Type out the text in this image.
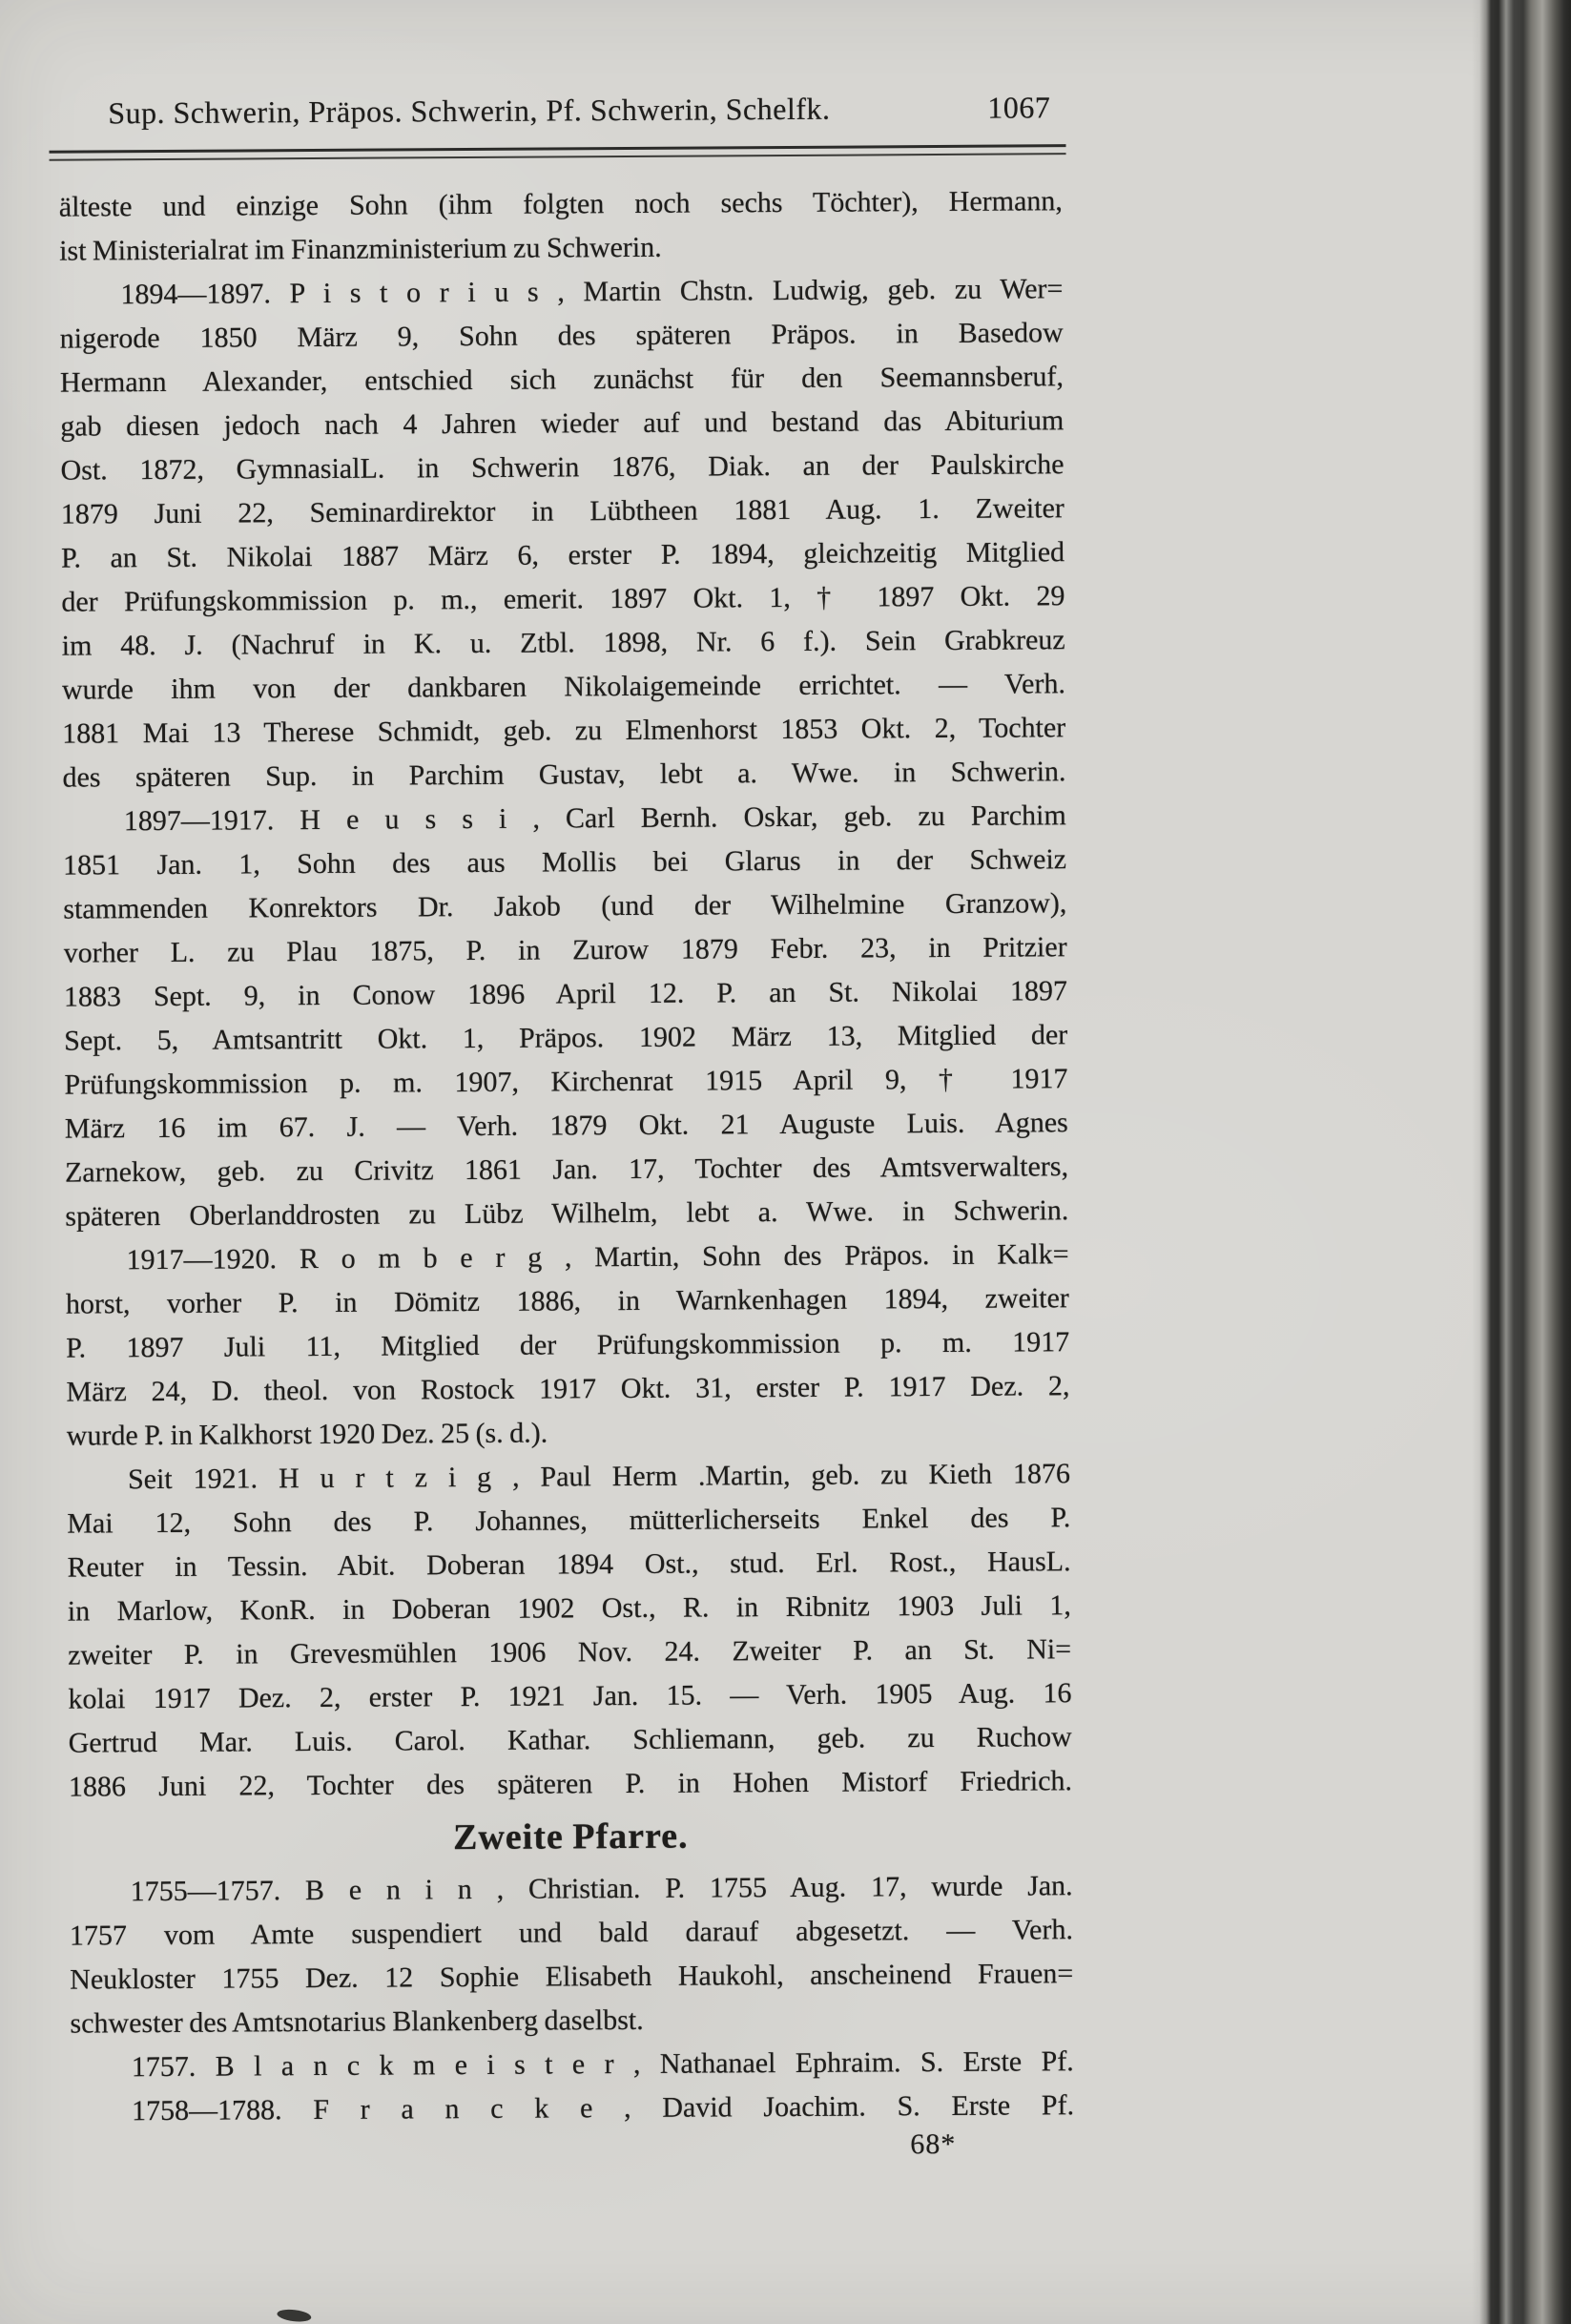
Sup. Schwerin, Präpos. Schwerin, Pf. Schwerin, Schelfk.	1067
älteste und einzige Sohn (ihm folgten noch sechs Töchter), Hermann,
ist Ministerialrat im Finanzministerium zu Schwerin.
1894—1897. P i s t o r i u s , Martin Chstn. Ludwig, geb. zu Wer=
nigerode 1850 März 9, Sohn des späteren Präpos. in Basedow
Hermann Alexander, entschied sich zunächst für den Seemannsberuf,
gab diesen jedoch nach 4 Jahren wieder auf und bestand das Abiturium
Ost. 1872, GymnasialL. in Schwerin 1876, Diak. an der Paulskirche
1879 Juni 22, Seminardirektor in Lübtheen 1881 Aug. 1. Zweiter
P. an St. Nikolai 1887 März 6, erster P. 1894, gleichzeitig Mitglied
der Prüfungskommission p. m., emerit. 1897 Okt. 1, † 1897 Okt. 29
im 48. J. (Nachruf in K. u. Ztbl. 1898, Nr. 6 f.). Sein Grabkreuz
wurde ihm von der dankbaren Nikolaigemeinde errichtet. — Verh.
1881 Mai 13 Therese Schmidt, geb. zu Elmenhorst 1853 Okt. 2, Tochter
des späteren Sup. in Parchim Gustav, lebt a. Wwe. in Schwerin.
1897—1917. H e u s s i , Carl Bernh. Oskar, geb. zu Parchim
1851 Jan. 1, Sohn des aus Mollis bei Glarus in der Schweiz
stammenden Konrektors Dr. Jakob (und der Wilhelmine Granzow),
vorher L. zu Plau 1875, P. in Zurow 1879 Febr. 23, in Pritzier
1883 Sept. 9, in Conow 1896 April 12. P. an St. Nikolai 1897
Sept. 5, Amtsantritt Okt. 1, Präpos. 1902 März 13, Mitglied der
Prüfungskommission p. m. 1907, Kirchenrat 1915 April 9, † 1917
März 16 im 67. J. — Verh. 1879 Okt. 21 Auguste Luis. Agnes
Zarnekow, geb. zu Crivitz 1861 Jan. 17, Tochter des Amtsverwalters,
späteren Oberlanddrosten zu Lübz Wilhelm, lebt a. Wwe. in Schwerin.
1917—1920. R o m b e r g , Martin, Sohn des Präpos. in Kalk=
horst, vorher P. in Dömitz 1886, in Warnkenhagen 1894, zweiter
P. 1897 Juli 11, Mitglied der Prüfungskommission p. m. 1917
März 24, D. theol. von Rostock 1917 Okt. 31, erster P. 1917 Dez. 2,
wurde P. in Kalkhorst 1920 Dez. 25 (s. d.).
Seit 1921. H u r t z i g , Paul Herm .Martin, geb. zu Kieth 1876
Mai 12, Sohn des P. Johannes, mütterlicherseits Enkel des P.
Reuter in Tessin. Abit. Doberan 1894 Ost., stud. Erl. Rost., HausL.
in Marlow, KonR. in Doberan 1902 Ost., R. in Ribnitz 1903 Juli 1,
zweiter P. in Grevesmühlen 1906 Nov. 24. Zweiter P. an St. Ni=
kolai 1917 Dez. 2, erster P. 1921 Jan. 15. — Verh. 1905 Aug. 16
Gertrud Mar. Luis. Carol. Kathar. Schliemann, geb. zu Ruchow
1886 Juni 22, Tochter des späteren P. in Hohen Mistorf Friedrich.
Zweite Pfarre.
1755—1757. B e n i n , Christian. P. 1755 Aug. 17, wurde Jan.
1757 vom Amte suspendiert und bald darauf abgesetzt. — Verh.
Neukloster 1755 Dez. 12 Sophie Elisabeth Haukohl, anscheinend Frauen=
schwester des Amtsnotarius Blankenberg daselbst.
1757. B l a n c k m e i s t e r , Nathanael Ephraim. S. Erste Pf.
1758—1788. F r a n c k e , David Joachim. S. Erste Pf.
68*
